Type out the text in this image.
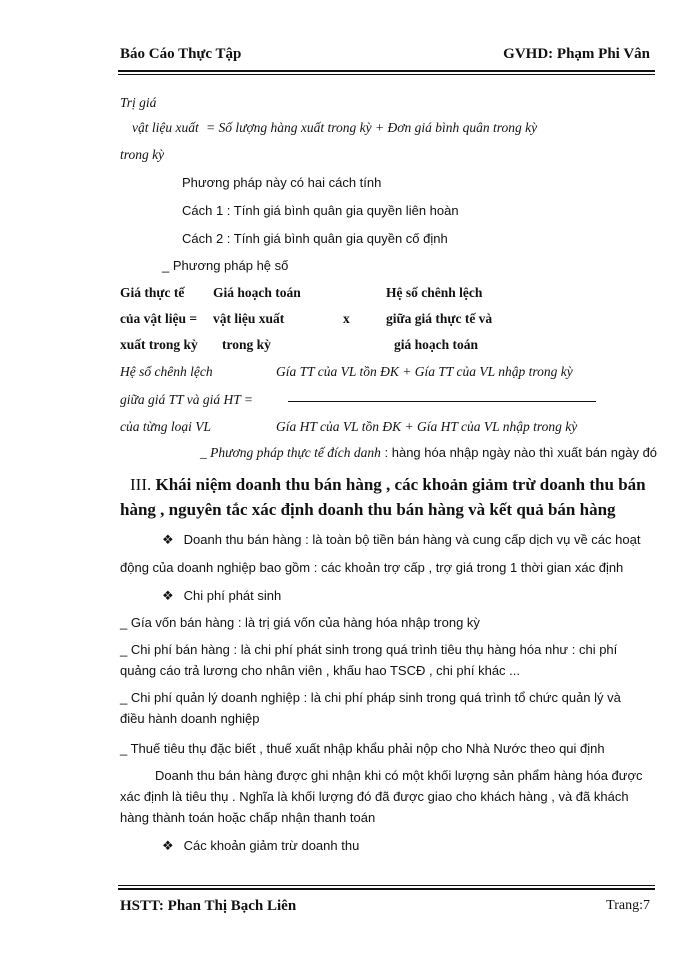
Báo Cáo Thực Tập	GVHD: Phạm Phi Vân
Trị giá
vật liệu xuất = Số lượng hàng xuất trong kỳ + Đơn giá bình quân trong kỳ
trong kỳ
Phương pháp này có hai cách tính
Cách 1 : Tính giá bình quân gia quyền liên hoàn
Cách 2 : Tính giá bình quân gia quyền cố định
_ Phương pháp hệ số
Giá thực tế
của vật liệu =
xuất trong kỳ
Giá hoạch toán
vật liệu xuất
trong kỳ
x
Hệ số chênh lệch
giữa giá thực tế và
giá hoạch toán
Hệ số chênh lệch
giữa giá TT và giá HT =
của từng loại VL
Gía TT của VL tồn ĐK + Gía TT của VL nhập trong kỳ
Gía HT của VL tồn ĐK + Gía HT của VL nhập trong kỳ
_ Phương pháp thực tế đích danh : hàng hóa nhập ngày nào thì xuất bán ngày đó
III. Khái niệm doanh thu bán hàng , các khoản giảm trừ doanh thu bán
hàng , nguyên tắc xác định doanh thu bán hàng và kết quả bán hàng
❖ Doanh thu bán hàng : là toàn bộ tiền bán hàng và cung cấp dịch vụ về các hoạt
động của doanh nghiệp bao gồm : các khoản trợ cấp , trợ giá trong 1 thời gian xác định
❖ Chi phí phát sinh
_ Gía vốn bán hàng : là trị giá vốn của hàng hóa nhập trong kỳ
_ Chi phí bán hàng : là chi phí phát sinh trong quá trình tiêu thụ hàng hóa như : chi phí
quảng cáo trả lương cho nhân viên , khấu hao TSCĐ , chi phí khác ...
_ Chi phí quản lý doanh nghiệp : là chi phí pháp sinh trong quá trình tổ chức quản lý và
điều hành doanh nghiệp
_ Thuế tiêu thụ đặc biết , thuế xuất nhập khẩu phải nộp cho Nhà Nước theo qui định
Doanh thu bán hàng được ghi nhận khi có một khối lượng sản phẩm hàng hóa được
xác định là tiêu thụ . Nghĩa là khối lượng đó đã được giao cho khách hàng , và đã khách
hàng thành toán hoặc chấp nhận thanh toán
❖ Các khoản giảm trừ doanh thu
HSTT: Phan Thị Bạch Liên	Trang:7
